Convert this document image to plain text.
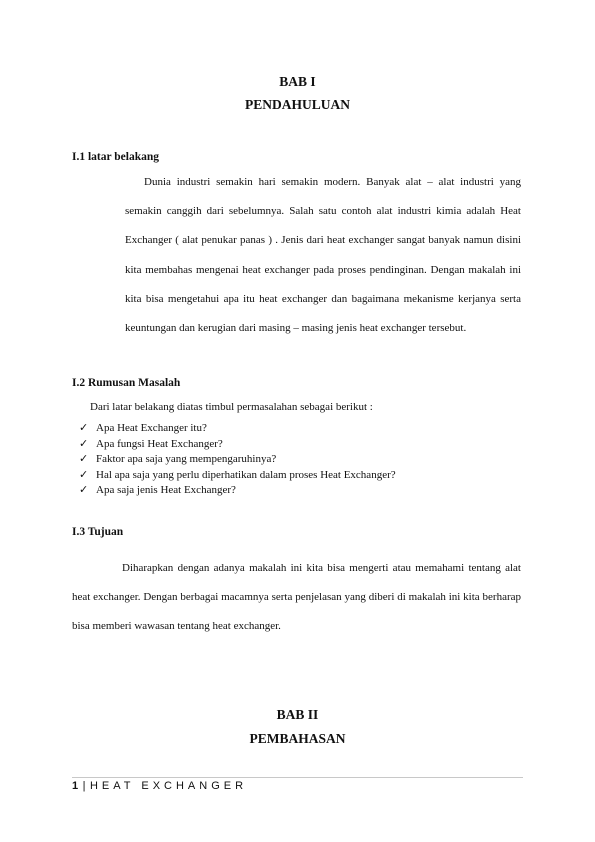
BAB I
PENDAHULUAN
I.1 latar belakang
Dunia industri semakin hari semakin modern. Banyak alat – alat industri yang semakin canggih dari sebelumnya. Salah satu contoh alat industri kimia adalah Heat Exchanger ( alat penukar panas ) . Jenis dari heat exchanger sangat banyak namun disini kita membahas mengenai heat exchanger pada proses pendinginan. Dengan makalah ini kita bisa mengetahui apa itu heat exchanger dan bagaimana mekanisme kerjanya serta keuntungan dan kerugian dari masing – masing jenis heat exchanger tersebut.
I.2 Rumusan Masalah
Dari latar belakang diatas timbul permasalahan sebagai berikut :
✓ Apa Heat Exchanger itu?
✓ Apa fungsi Heat Exchanger?
✓ Faktor apa saja yang mempengaruhinya?
✓ Hal apa saja yang perlu diperhatikan dalam proses Heat Exchanger?
✓ Apa saja jenis Heat Exchanger?
I.3 Tujuan
Diharapkan dengan adanya makalah ini kita bisa mengerti atau memahami tentang alat heat exchanger. Dengan berbagai macamnya serta penjelasan yang diberi di makalah ini kita berharap bisa memberi wawasan tentang heat exchanger.
BAB II
PEMBAHASAN
1 | HEAT EXCHANGER
